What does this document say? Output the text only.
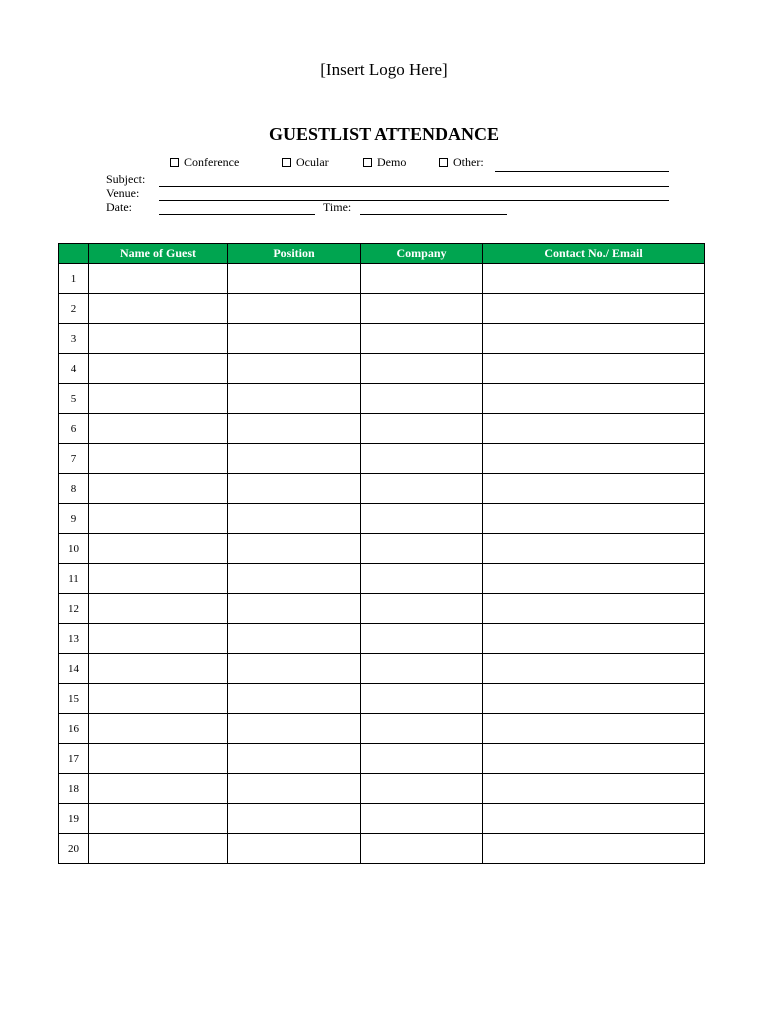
[Insert Logo Here]
GUESTLIST ATTENDANCE
Conference	Ocular	Demo	Other:
Subject:
Venue:
Date:	Time:
	Name of Guest	Position	Company	Contact No./ Email
1				
2				
3				
4				
5				
6				
7				
8				
9				
10				
11				
12				
13				
14				
15				
16				
17				
18				
19				
20				
